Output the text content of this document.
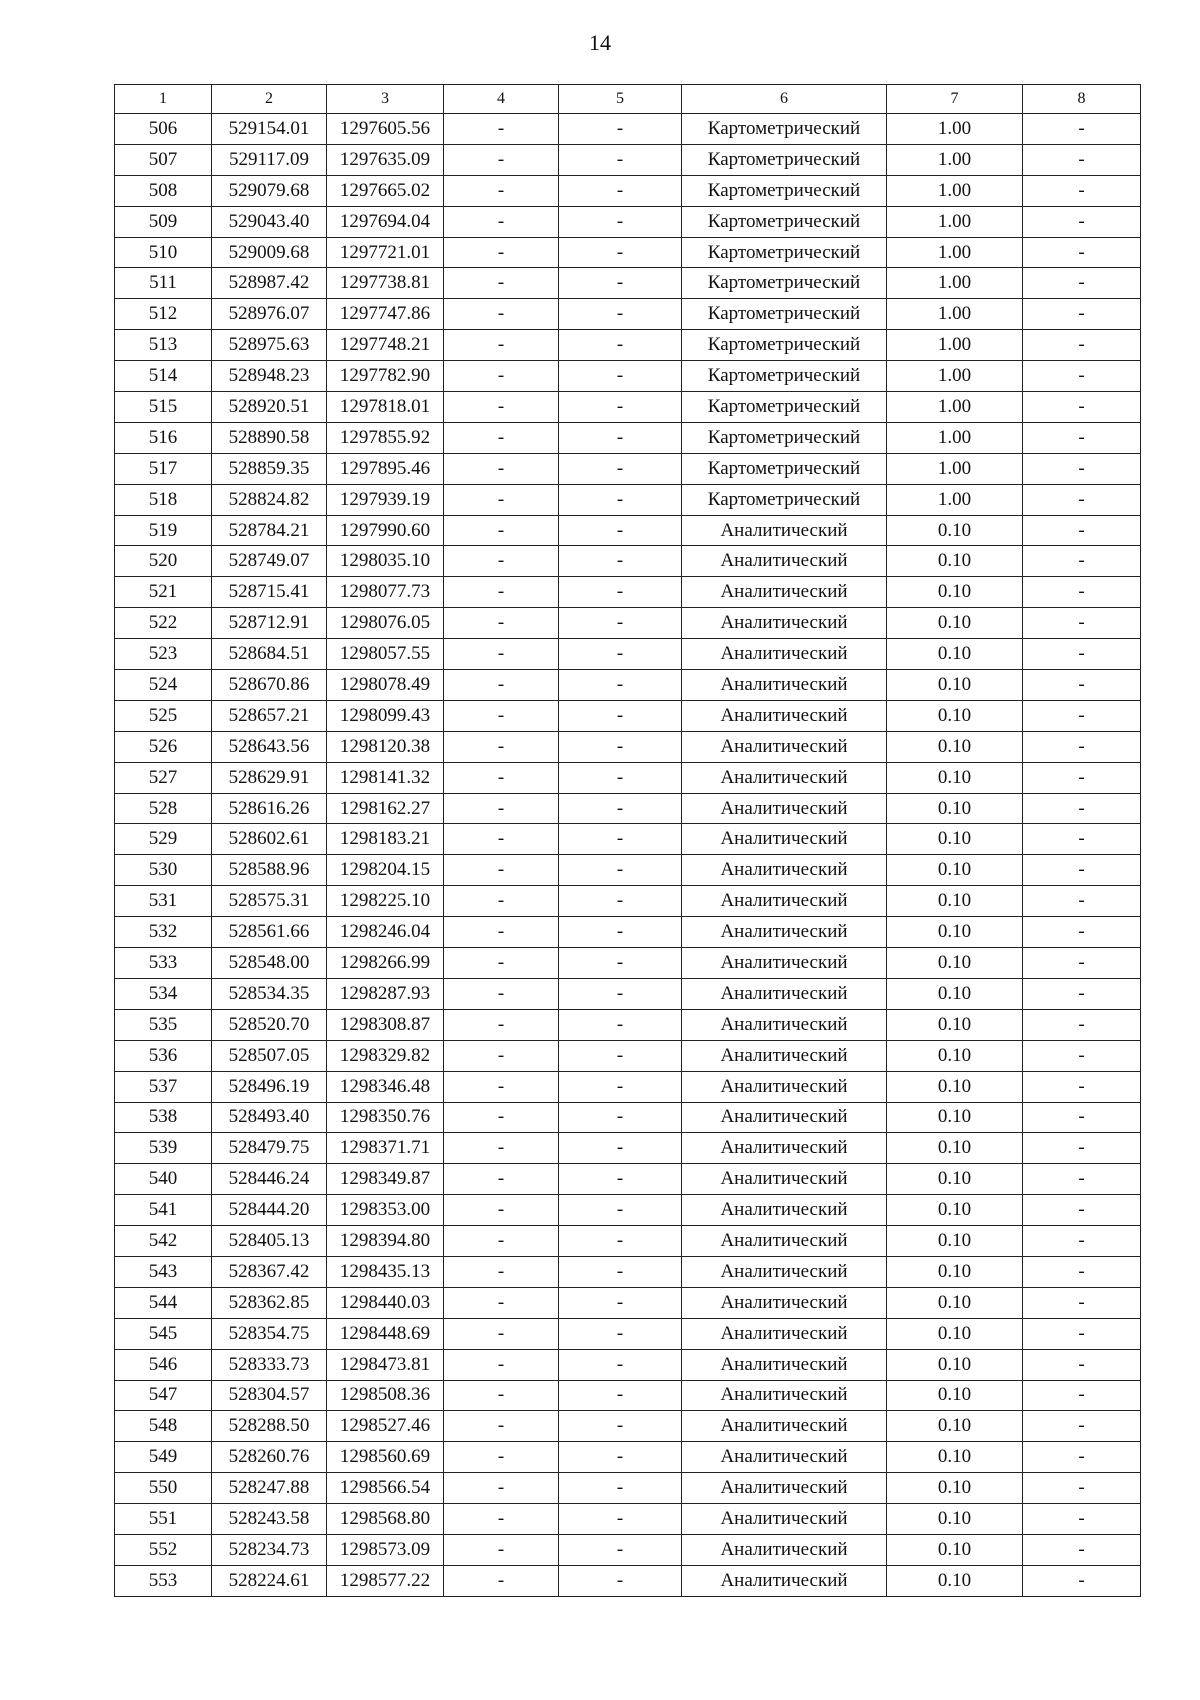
14
1	2	3	4	5	6	7	8
506	529154.01	1297605.56	-	-	Картометрический	1.00	-
507	529117.09	1297635.09	-	-	Картометрический	1.00	-
508	529079.68	1297665.02	-	-	Картометрический	1.00	-
509	529043.40	1297694.04	-	-	Картометрический	1.00	-
510	529009.68	1297721.01	-	-	Картометрический	1.00	-
511	528987.42	1297738.81	-	-	Картометрический	1.00	-
512	528976.07	1297747.86	-	-	Картометрический	1.00	-
513	528975.63	1297748.21	-	-	Картометрический	1.00	-
514	528948.23	1297782.90	-	-	Картометрический	1.00	-
515	528920.51	1297818.01	-	-	Картометрический	1.00	-
516	528890.58	1297855.92	-	-	Картометрический	1.00	-
517	528859.35	1297895.46	-	-	Картометрический	1.00	-
518	528824.82	1297939.19	-	-	Картометрический	1.00	-
519	528784.21	1297990.60	-	-	Аналитический	0.10	-
520	528749.07	1298035.10	-	-	Аналитический	0.10	-
521	528715.41	1298077.73	-	-	Аналитический	0.10	-
522	528712.91	1298076.05	-	-	Аналитический	0.10	-
523	528684.51	1298057.55	-	-	Аналитический	0.10	-
524	528670.86	1298078.49	-	-	Аналитический	0.10	-
525	528657.21	1298099.43	-	-	Аналитический	0.10	-
526	528643.56	1298120.38	-	-	Аналитический	0.10	-
527	528629.91	1298141.32	-	-	Аналитический	0.10	-
528	528616.26	1298162.27	-	-	Аналитический	0.10	-
529	528602.61	1298183.21	-	-	Аналитический	0.10	-
530	528588.96	1298204.15	-	-	Аналитический	0.10	-
531	528575.31	1298225.10	-	-	Аналитический	0.10	-
532	528561.66	1298246.04	-	-	Аналитический	0.10	-
533	528548.00	1298266.99	-	-	Аналитический	0.10	-
534	528534.35	1298287.93	-	-	Аналитический	0.10	-
535	528520.70	1298308.87	-	-	Аналитический	0.10	-
536	528507.05	1298329.82	-	-	Аналитический	0.10	-
537	528496.19	1298346.48	-	-	Аналитический	0.10	-
538	528493.40	1298350.76	-	-	Аналитический	0.10	-
539	528479.75	1298371.71	-	-	Аналитический	0.10	-
540	528446.24	1298349.87	-	-	Аналитический	0.10	-
541	528444.20	1298353.00	-	-	Аналитический	0.10	-
542	528405.13	1298394.80	-	-	Аналитический	0.10	-
543	528367.42	1298435.13	-	-	Аналитический	0.10	-
544	528362.85	1298440.03	-	-	Аналитический	0.10	-
545	528354.75	1298448.69	-	-	Аналитический	0.10	-
546	528333.73	1298473.81	-	-	Аналитический	0.10	-
547	528304.57	1298508.36	-	-	Аналитический	0.10	-
548	528288.50	1298527.46	-	-	Аналитический	0.10	-
549	528260.76	1298560.69	-	-	Аналитический	0.10	-
550	528247.88	1298566.54	-	-	Аналитический	0.10	-
551	528243.58	1298568.80	-	-	Аналитический	0.10	-
552	528234.73	1298573.09	-	-	Аналитический	0.10	-
553	528224.61	1298577.22	-	-	Аналитический	0.10	-
